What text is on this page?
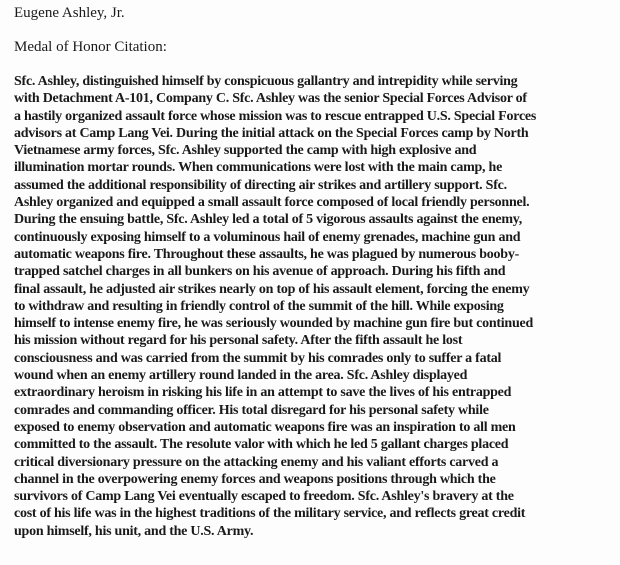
Eugene Ashley, Jr.
Medal of Honor Citation:
Sfc. Ashley, distinguished himself by conspicuous gallantry and intrepidity while serving
with Detachment A-101, Company C. Sfc. Ashley was the senior Special Forces Advisor of
a hastily organized assault force whose mission was to rescue entrapped U.S. Special Forces
advisors at Camp Lang Vei. During the initial attack on the Special Forces camp by North
Vietnamese army forces, Sfc. Ashley supported the camp with high explosive and
illumination mortar rounds. When communications were lost with the main camp, he
assumed the additional responsibility of directing air strikes and artillery support. Sfc.
Ashley organized and equipped a small assault force composed of local friendly personnel.
During the ensuing battle, Sfc. Ashley led a total of 5 vigorous assaults against the enemy,
continuously exposing himself to a voluminous hail of enemy grenades, machine gun and
automatic weapons fire. Throughout these assaults, he was plagued by numerous booby-
trapped satchel charges in all bunkers on his avenue of approach. During his fifth and
final assault, he adjusted air strikes nearly on top of his assault element, forcing the enemy
to withdraw and resulting in friendly control of the summit of the hill. While exposing
himself to intense enemy fire, he was seriously wounded by machine gun fire but continued
his mission without regard for his personal safety. After the fifth assault he lost
consciousness and was carried from the summit by his comrades only to suffer a fatal
wound when an enemy artillery round landed in the area. Sfc. Ashley displayed
extraordinary heroism in risking his life in an attempt to save the lives of his entrapped
comrades and commanding officer. His total disregard for his personal safety while
exposed to enemy observation and automatic weapons fire was an inspiration to all men
committed to the assault. The resolute valor with which he led 5 gallant charges placed
critical diversionary pressure on the attacking enemy and his valiant efforts carved a
channel in the overpowering enemy forces and weapons positions through which the
survivors of Camp Lang Vei eventually escaped to freedom. Sfc. Ashley's bravery at the
cost of his life was in the highest traditions of the military service, and reflects great credit
upon himself, his unit, and the U.S. Army.
